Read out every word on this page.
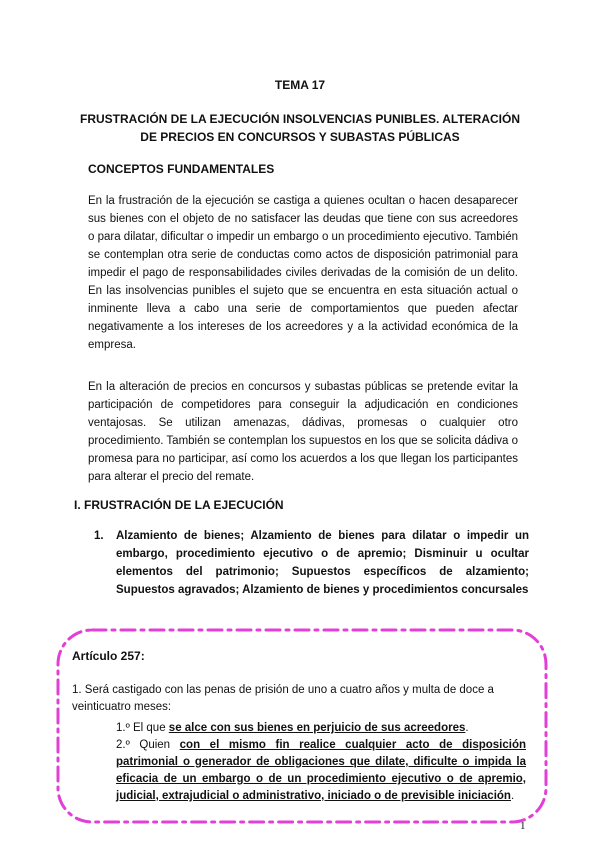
TEMA 17
FRUSTRACIÓN DE LA EJECUCIÓN INSOLVENCIAS PUNIBLES. ALTERACIÓN DE PRECIOS EN CONCURSOS Y SUBASTAS PÚBLICAS
CONCEPTOS FUNDAMENTALES
En la frustración de la ejecución se castiga a quienes ocultan o hacen desaparecer sus bienes con el objeto de no satisfacer las deudas que tiene con sus acreedores o para dilatar, dificultar o impedir un embargo o un procedimiento ejecutivo. También se contemplan otra serie de conductas como actos de disposición patrimonial para impedir el pago de responsabilidades civiles derivadas de la comisión de un delito. En las insolvencias punibles el sujeto que se encuentra en esta situación actual o inminente lleva a cabo una serie de comportamientos que pueden afectar negativamente a los intereses de los acreedores y a la actividad económica de la empresa.
En la alteración de precios en concursos y subastas públicas se pretende evitar la participación de competidores para conseguir la adjudicación en condiciones ventajosas. Se utilizan amenazas, dádivas, promesas o cualquier otro procedimiento. También se contemplan los supuestos en los que se solicita dádiva o promesa para no participar, así como los acuerdos a los que llegan los participantes para alterar el precio del remate.
I. FRUSTRACIÓN DE LA EJECUCIÓN
1.	Alzamiento de bienes; Alzamiento de bienes para dilatar o impedir un embargo, procedimiento ejecutivo o de apremio; Disminuir u ocultar elementos del patrimonio; Supuestos específicos de alzamiento; Supuestos agravados; Alzamiento de bienes y procedimientos concursales
Artículo 257:
1. Será castigado con las penas de prisión de uno a cuatro años y multa de doce a veinticuatro meses:
1.º El que se alce con sus bienes en perjuicio de sus acreedores.
2.º Quien con el mismo fin realice cualquier acto de disposición patrimonial o generador de obligaciones que dilate, dificulte o impida la eficacia de un embargo o de un procedimiento ejecutivo o de apremio, judicial, extrajudicial o administrativo, iniciado o de previsible iniciación.
1
